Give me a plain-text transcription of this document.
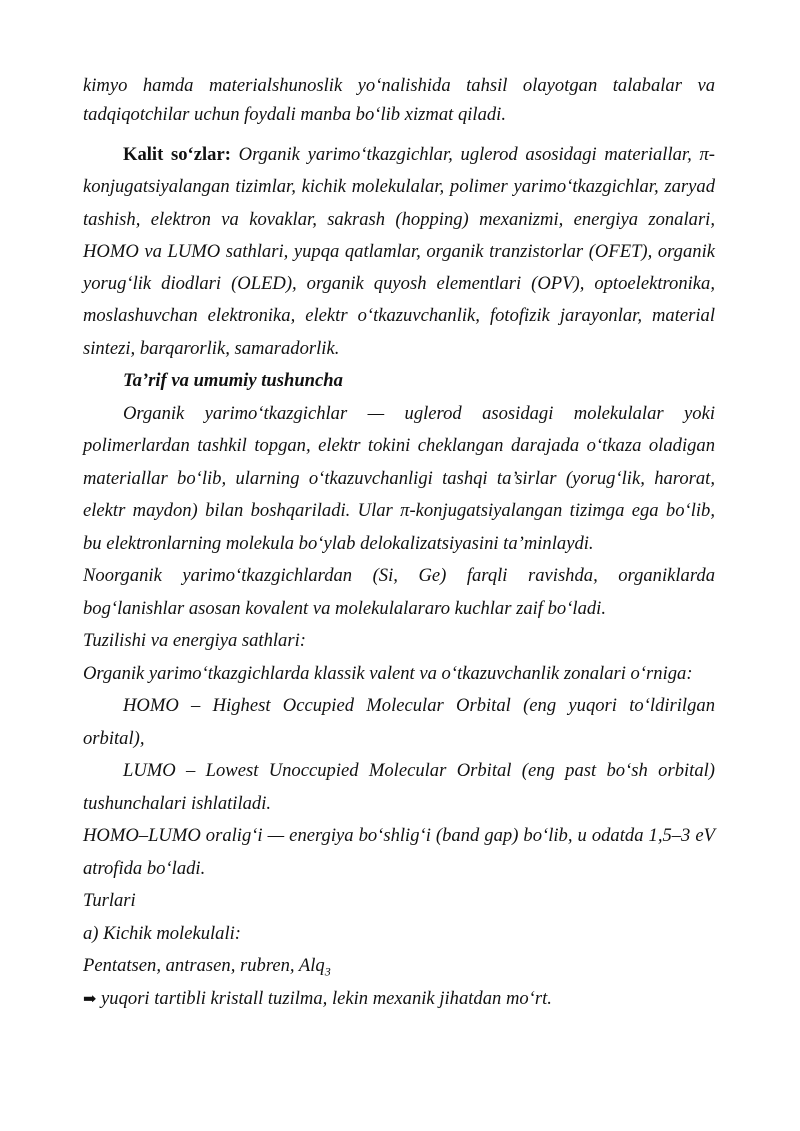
kimyo hamda materialshunoslik yo‘nalishida tahsil olayotgan talabalar va tadqiqotchilar uchun foydali manba bo‘lib xizmat qiladi.

Kalit so‘zlar: Organik yarimo‘tkazgichlar, uglerod asosidagi materiallar, π-konjugatsiyalangan tizimlar, kichik molekulalar, polimer yarimo‘tkazgichlar, zaryad tashish, elektron va kovaklar, sakrash (hopping) mexanizmi, energiya zonalari, HOMO va LUMO sathlari, yupqa qatlamlar, organik tranzistorlar (OFET), organik yorug‘lik diodlari (OLED), organik quyosh elementlari (OPV), optoelektronika, moslashuvchan elektronika, elektr o‘tkazuvchanlik, fotofizik jarayonlar, material sintezi, barqarorlik, samaradorlik.

Ta’rif va umumiy tushuncha

Organik yarimo‘tkazgichlar — uglerod asosidagi molekulalar yoki polimerlardan tashkil topgan, elektr tokini cheklangan darajada o‘tkaza oladigan materiallar bo‘lib, ularning o‘tkazuvchanligi tashqi ta’sirlar (yorug‘lik, harorat, elektr maydon) bilan boshqariladi. Ular π-konjugatsiyalangan tizimga ega bo‘lib, bu elektronlarning molekula bo‘ylab delokalizatsiyasini ta’minlaydi.

Noorganik yarimo‘tkazgichlardan (Si, Ge) farqli ravishda, organiklarda bog‘lanishlar asosan kovalent va molekulalararo kuchlar zaif bo‘ladi.

Tuzilishi va energiya sathlari:

Organik yarimo‘tkazgichlarda klassik valent va o‘tkazuvchanlik zonalari o‘rniga:

HOMO – Highest Occupied Molecular Orbital (eng yuqori to‘ldirilgan orbital),

LUMO – Lowest Unoccupied Molecular Orbital (eng past bo‘sh orbital) tushunchalari ishlatiladi.

HOMO–LUMO oralig‘i — energiya bo‘shlig‘i (band gap) bo‘lib, u odatda 1,5–3 eV atrofida bo‘ladi.

Turlari

a) Kichik molekulali:

Pentatsen, antrasen, rubren, Alq$_3$

➡ yuqori tartibli kristall tuzilma, lekin mexanik jihatdan mo‘rt.
